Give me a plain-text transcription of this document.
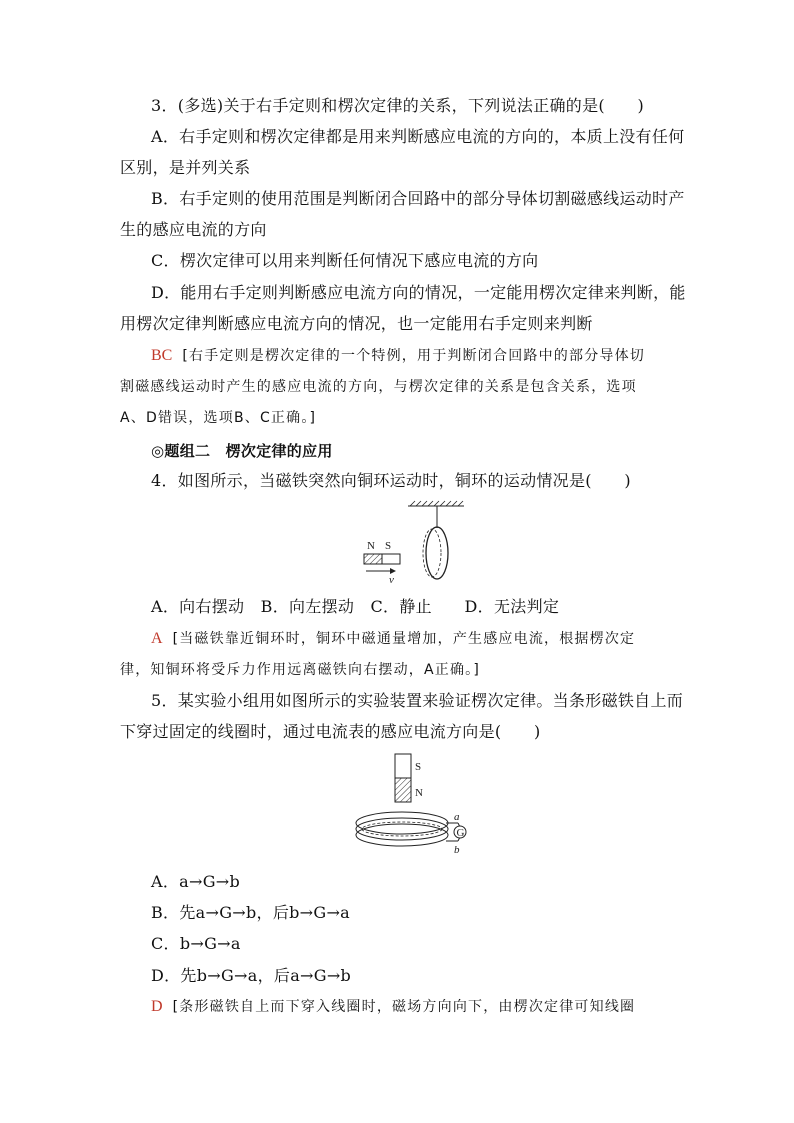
3．(多选)关于右手定则和楞次定律的关系，下列说法正确的是(　　)
A．右手定则和楞次定律都是用来判断感应电流的方向的，本质上没有任何
区别，是并列关系
B．右手定则的使用范围是判断闭合回路中的部分导体切割磁感线运动时产
生的感应电流的方向
C．楞次定律可以用来判断任何情况下感应电流的方向
D．能用右手定则判断感应电流方向的情况，一定能用楞次定律来判断，能
用楞次定律判断感应电流方向的情况，也一定能用右手定则来判断
BC [右手定则是楞次定律的一个特例，用于判断闭合回路中的部分导体切
割磁感线运动时产生的感应电流的方向，与楞次定律的关系是包含关系，选项
A、D错误，选项B、C正确。]
◎题组二　楞次定律的应用
4．如图所示，当磁铁突然向铜环运动时，铜环的运动情况是(　　)
N S
v
A．向右摆动　B．向左摆动　C．静止　　D．无法判定
A [当磁铁靠近铜环时，铜环中磁通量增加，产生感应电流，根据楞次定
律，知铜环将受斥力作用远离磁铁向右摆动，A正确。]
5．某实验小组用如图所示的实验装置来验证楞次定律。当条形磁铁自上而
下穿过固定的线圈时，通过电流表的感应电流方向是(　　)
S
N
G
a
b
A．a→G→b
B．先a→G→b，后b→G→a
C．b→G→a
D．先b→G→a，后a→G→b
D [条形磁铁自上而下穿入线圈时，磁场方向向下，由楞次定律可知线圈
